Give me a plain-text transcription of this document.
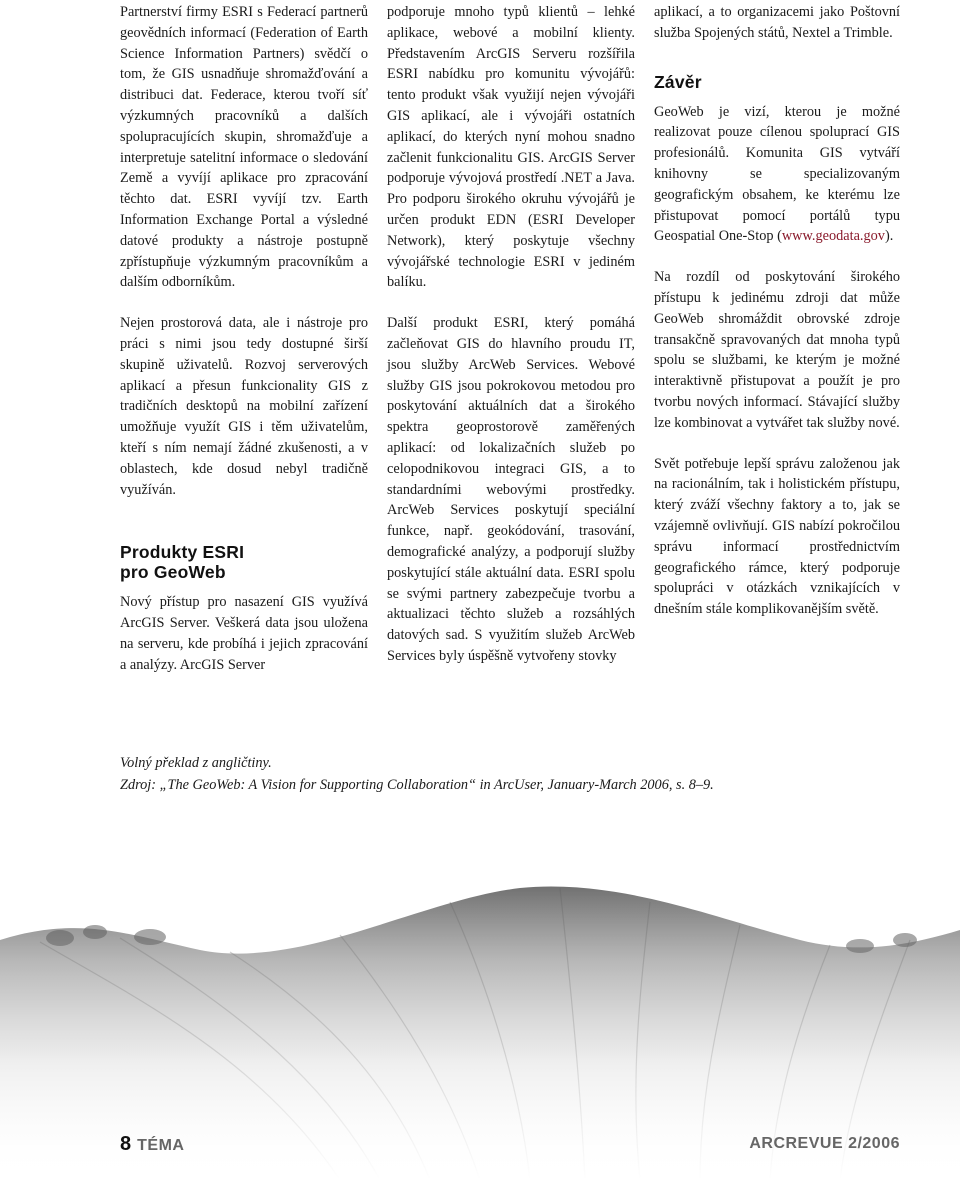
Partnerství firmy ESRI s Federací partnerů geovědních informací (Federation of Earth Science Information Partners) svědčí o tom, že GIS usnadňuje shromažďování a distribuci dat. Federace, kterou tvoří síť výzkumných pracovníků a dalších spolupracujících skupin, shromažďuje a interpretuje satelitní informace o sledování Země a vyvíjí aplikace pro zpracování těchto dat. ESRI vyvíjí tzv. Earth Information Exchange Portal a výsledné datové produkty a nástroje postupně zpřístupňuje výzkumným pracovníkům a dalším odborníkům.

Nejen prostorová data, ale i nástroje pro práci s nimi jsou tedy dostupné širší skupině uživatelů. Rozvoj serverových aplikací a přesun funkcionality GIS z tradičních desktopů na mobilní zařízení umožňuje využít GIS i těm uživatelům, kteří s ním nemají žádné zkušenosti, a v oblastech, kde dosud nebyl tradičně využíván.

Produkty ESRI
pro GeoWeb

Nový přístup pro nasazení GIS využívá ArcGIS Server. Veškerá data jsou uložena na serveru, kde probíhá i jejich zpracování a analýzy. ArcGIS Server

podporuje mnoho typů klientů – lehké aplikace, webové a mobilní klienty. Představením ArcGIS Serveru rozšířila ESRI nabídku pro komunitu vývojářů: tento produkt však využijí nejen vývojáři GIS aplikací, ale i vývojáři ostatních aplikací, do kterých nyní mohou snadno začlenit funkcionalitu GIS. ArcGIS Server podporuje vývojová prostředí .NET a Java. Pro podporu širokého okruhu vývojářů je určen produkt EDN (ESRI Developer Network), který poskytuje všechny vývojářské technologie ESRI v jediném balíku.

Další produkt ESRI, který pomáhá začleňovat GIS do hlavního proudu IT, jsou služby ArcWeb Services. Webové služby GIS jsou pokrokovou metodou pro poskytování aktuálních dat a širokého spektra geoprostorově zaměřených aplikací: od lokalizačních služeb po celopodnikovou integraci GIS, a to standardními webovými prostředky. ArcWeb Services poskytují speciální funkce, např. geokódování, trasování, demografické analýzy, a podporují služby poskytující stále aktuální data. ESRI spolu se svými partnery zabezpečuje tvorbu a aktualizaci těchto služeb a rozsáhlých datových sad. S využitím služeb ArcWeb Services byly úspěšně vytvořeny stovky

aplikací, a to organizacemi jako Poštovní služba Spojených států, Nextel a Trimble.

Závěr

GeoWeb je vizí, kterou je možné realizovat pouze cílenou spoluprací GIS profesionálů. Komunita GIS vytváří knihovny se specializovaným geografickým obsahem, ke kterému lze přistupovat pomocí portálů typu Geospatial One-Stop (www.geodata.gov).

Na rozdíl od poskytování širokého přístupu k jedinému zdroji dat může GeoWeb shromáždit obrovské zdroje transakčně spravovaných dat mnoha typů spolu se službami, ke kterým je možné interaktivně přistupovat a použít je pro tvorbu nových informací. Stávající služby lze kombinovat a vytvářet tak služby nové.

Svět potřebuje lepší správu založenou jak na racionálním, tak i holistickém přístupu, který zváží všechny faktory a to, jak se vzájemně ovlivňují. GIS nabízí pokročilou správu informací prostřednictvím geografického rámce, který podporuje spolupráci v otázkách vznikajících v dnešním stále komplikovanějším světě.

Volný překlad z angličtiny.
Zdroj: „The GeoWeb: A Vision for Supporting Collaboration“ in ArcUser, January-March 2006, s. 8–9.
8 TÉMA	ARCREVUE 2/2006
